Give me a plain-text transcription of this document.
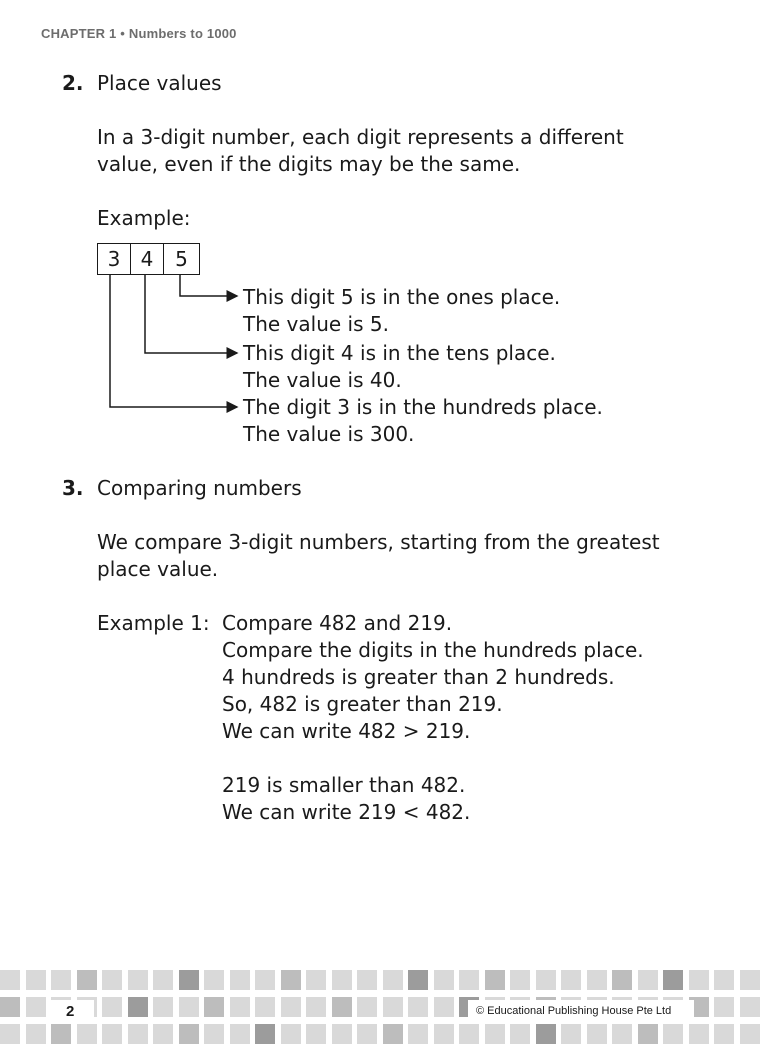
CHAPTER 1 • Numbers to 1000
2. Place values
In a 3-digit number, each digit represents a different
value, even if the digits may be the same.
Example:
3	4	5
This digit 5 is in the ones place.
The value is 5.
This digit 4 is in the tens place.
The value is 40.
The digit 3 is in the hundreds place.
The value is 300.
3. Comparing numbers
We compare 3-digit numbers, starting from the greatest
place value.
Example 1: Compare 482 and 219.
Compare the digits in the hundreds place.
4 hundreds is greater than 2 hundreds.
So, 482 is greater than 219.
We can write 482 > 219.
219 is smaller than 482.
We can write 219 < 482.
2	© Educational Publishing House Pte Ltd
